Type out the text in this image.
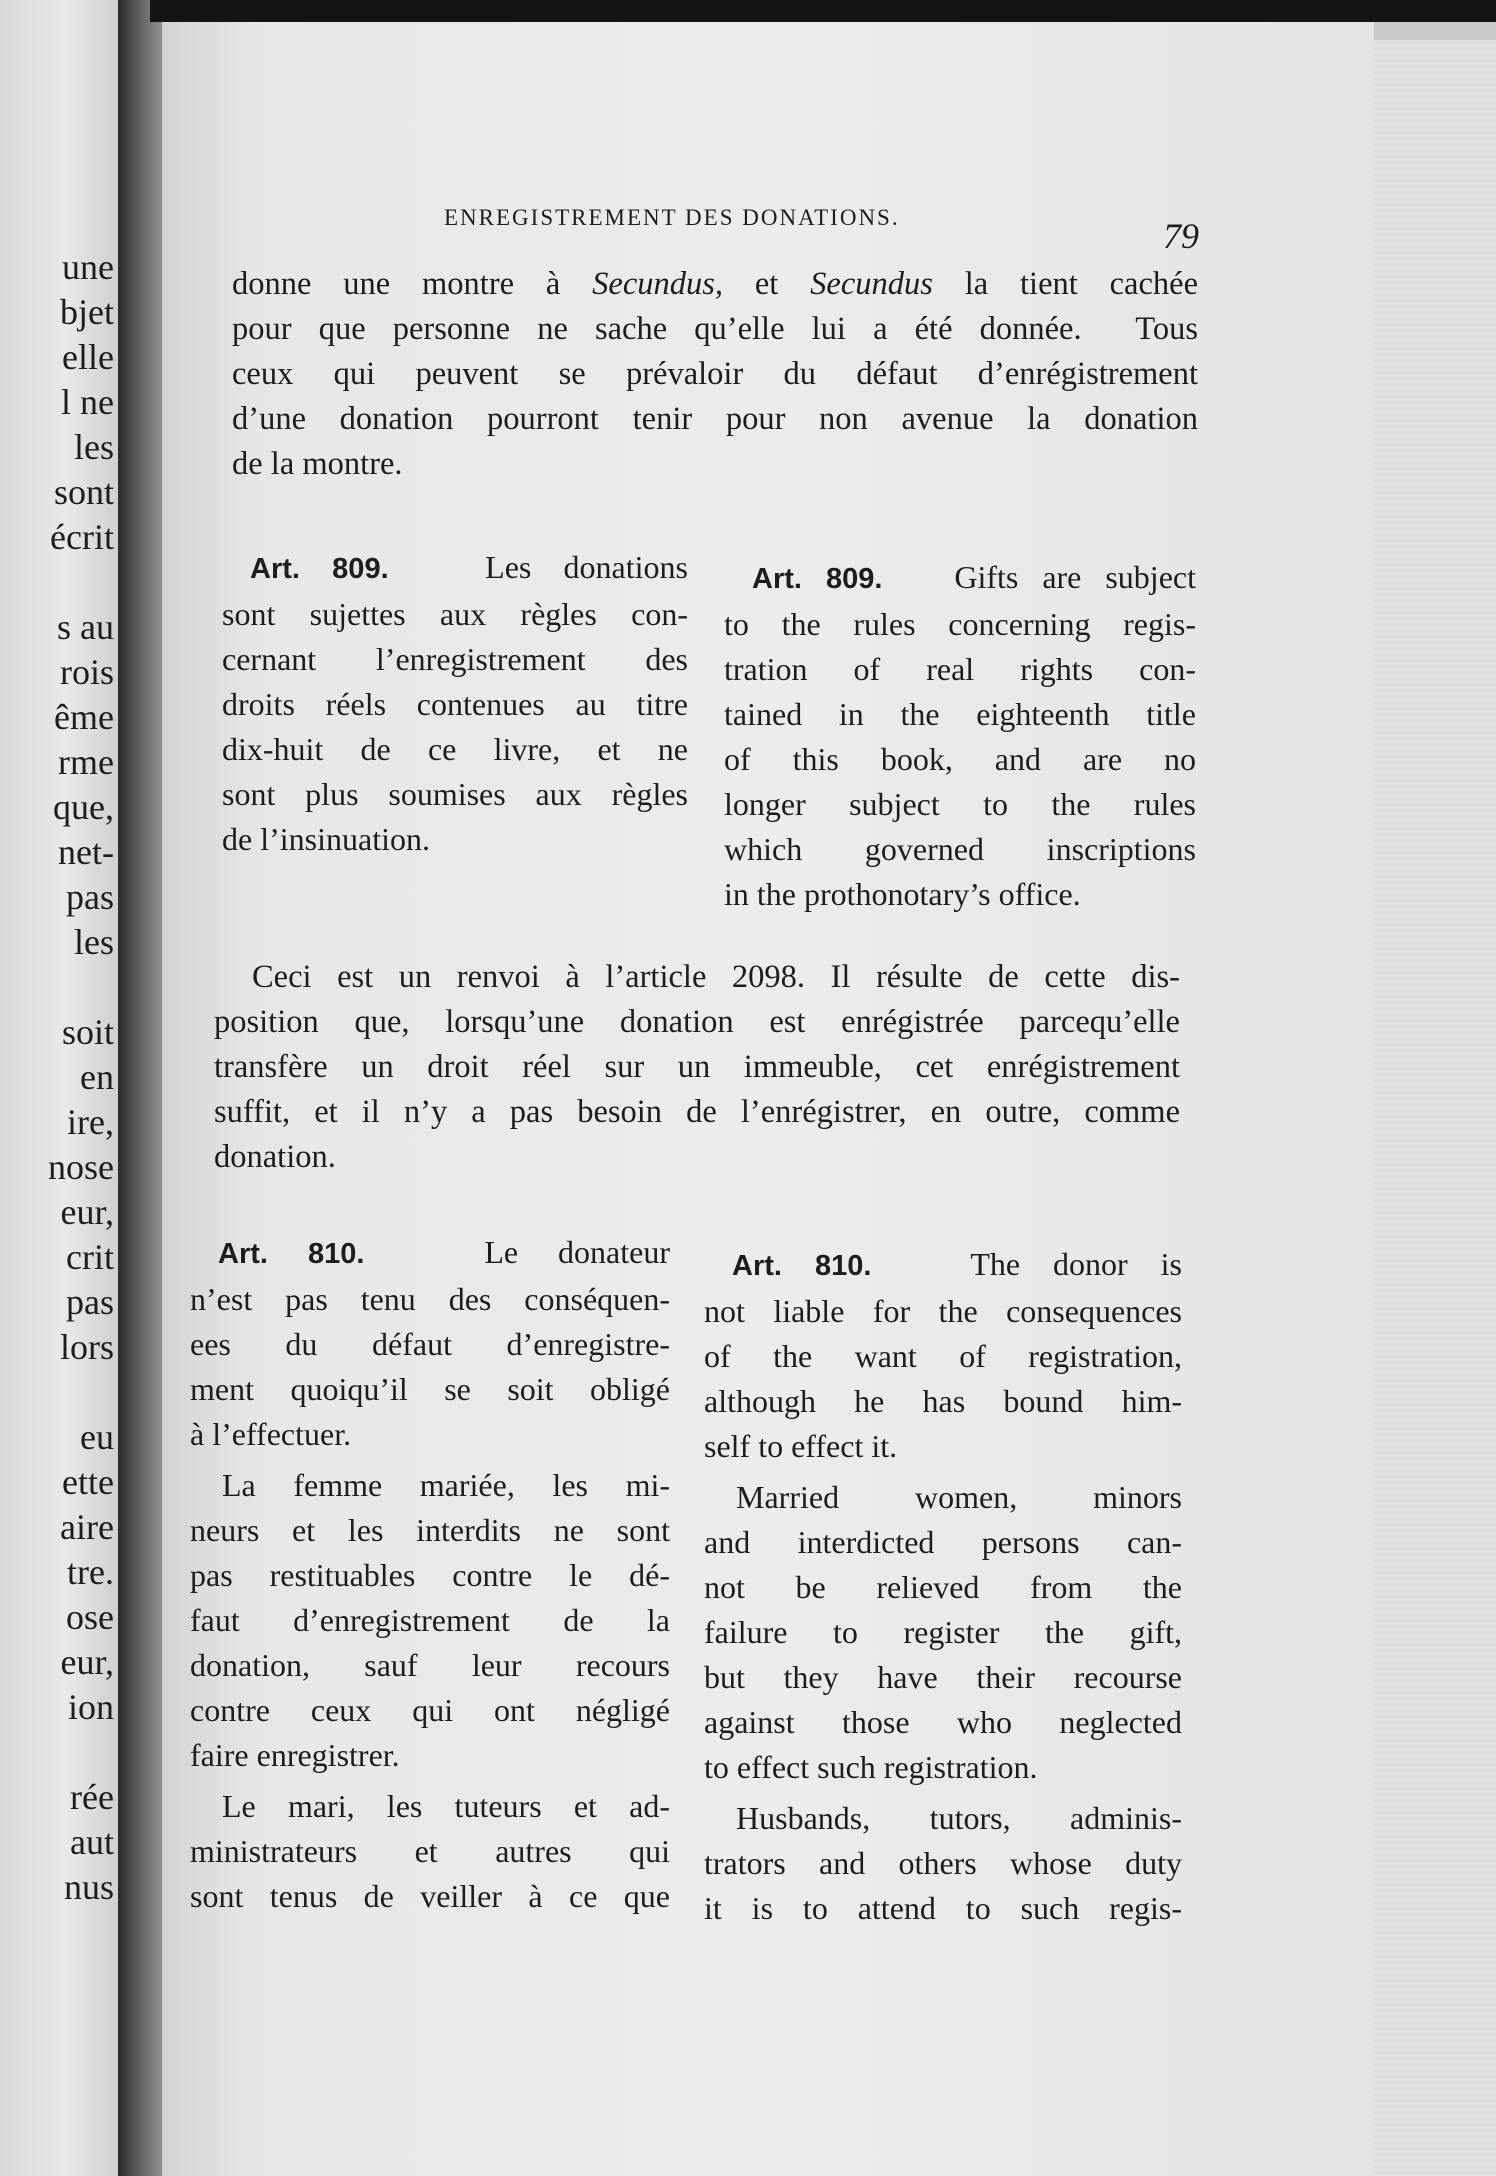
une
bjet
elle
l ne
les
sont
écrit
s au
rois
ême
rme
que,
net-
pas
les
soit
en
ire,
nose
eur,
crit
pas
lors
eu
ette
aire
tre.
ose
eur,
ion
rée
aut
nus
ENREGISTREMENT DES DONATIONS.	79
donne une montre à Secundus, et Secundus la tient cachée
pour que personne ne sache qu’elle lui a été donnée.  Tous
ceux qui peuvent se prévaloir du défaut d’enrégistrement
d’une donation pourront tenir pour non avenue la donation
de la montre.
Art. 809.	Les donations
sont sujettes aux règles con-
cernant l’enregistrement des
droits réels contenues au titre
dix-huit de ce livre, et ne
sont plus soumises aux règles
de l’insinuation.
Art. 809. Gifts are subject
to the rules concerning regis-
tration of real rights con-
tained in the eighteenth title
of this book, and are no
longer subject to the rules
which governed inscriptions
in the prothonotary’s office.
Ceci est un renvoi à l’article 2098. Il résulte de cette dis-
position que, lorsqu’une donation est enrégistrée parcequ’elle
transfère un droit réel sur un immeuble, cet enrégistrement
suffit, et il n’y a pas besoin de l’enrégistrer, en outre, comme
donation.
Art. 810.	Le donateur
n’est pas tenu des conséquen-
ees du défaut d’enregistre-
ment quoiqu’il se soit obligé
à l’effectuer.
La femme mariée, les mi-
neurs et les interdits ne sont
pas restituables contre le dé-
faut d’enregistrement de la
donation, sauf leur recours
contre ceux qui ont négligé
faire enregistrer.
Le mari, les tuteurs et ad-
ministrateurs et autres qui
sont tenus de veiller à ce que
Art. 810.	The donor is
not liable for the consequences
of the want of registration,
although he has bound him-
self to effect it.
Married women, minors
and interdicted persons can-
not be relieved from the
failure to register the gift,
but they have their recourse
against those who neglected
to effect such registration.
Husbands, tutors, adminis-
trators and others whose duty
it is to attend to such regis-
